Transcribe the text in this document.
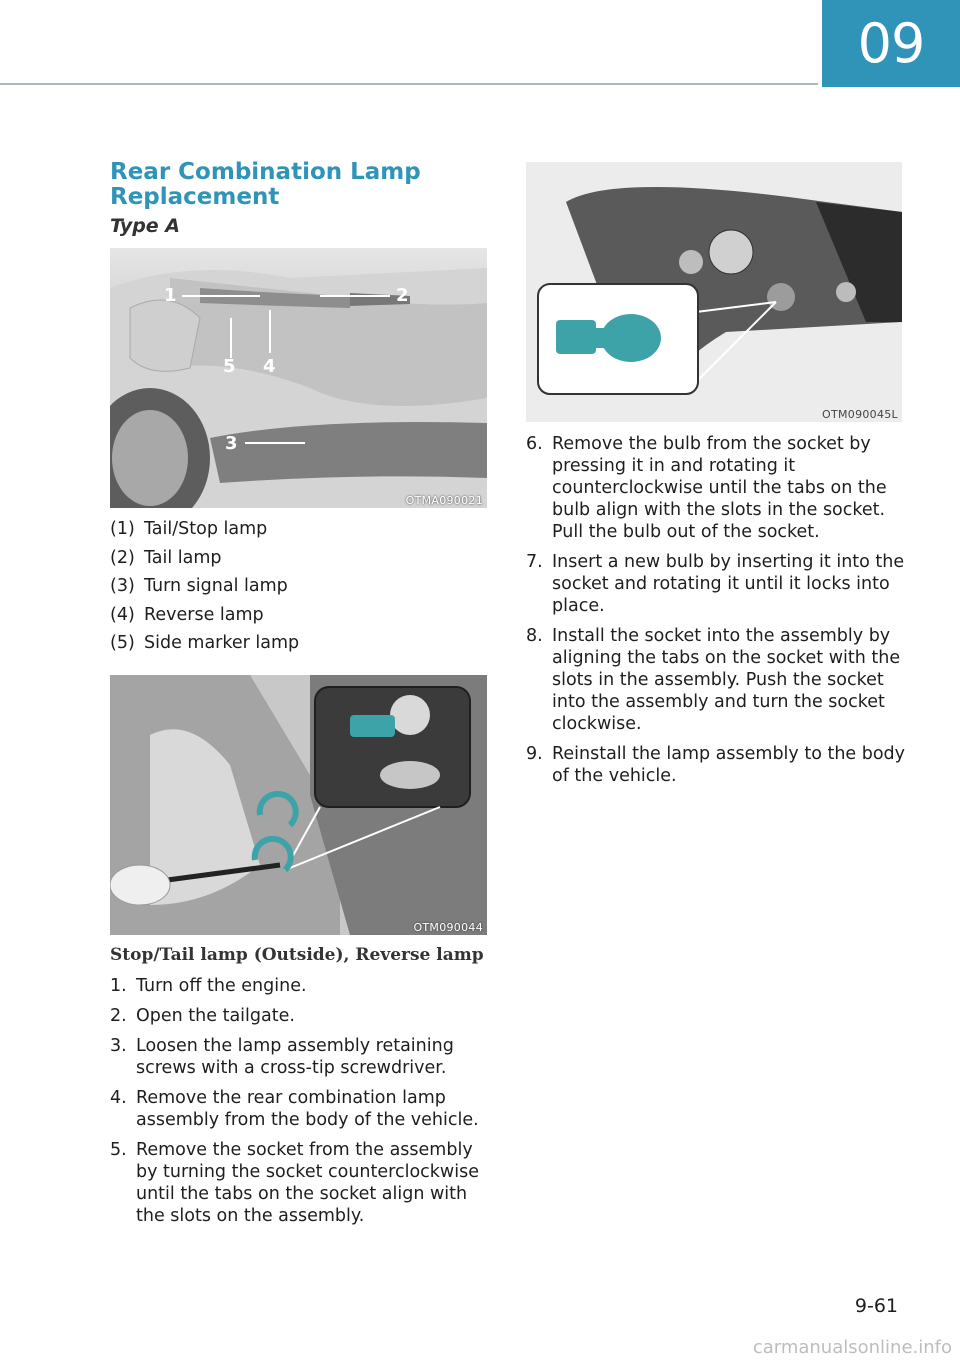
09
Rear Combination Lamp Replacement
Type A
1	2
3
4
5
OTMA090021
(1) Tail/Stop lamp
(2) Tail lamp
(3) Turn signal lamp
(4) Reverse lamp
(5) Side marker lamp
OTM090044
Stop/Tail lamp (Outside), Reverse lamp
1. Turn off the engine.
2. Open the tailgate.
3. Loosen the lamp assembly retaining screws with a cross-tip screwdriver.
4. Remove the rear combination lamp assembly from the body of the vehicle.
5. Remove the socket from the assembly by turning the socket counterclockwise until the tabs on the socket align with the slots on the assembly.
OTM090045L
6. Remove the bulb from the socket by pressing it in and rotating it counterclockwise until the tabs on the bulb align with the slots in the socket. Pull the bulb out of the socket.
7. Insert a new bulb by inserting it into the socket and rotating it until it locks into place.
8. Install the socket into the assembly by aligning the tabs on the socket with the slots in the assembly. Push the socket into the assembly and turn the socket clockwise.
9. Reinstall the lamp assembly to the body of the vehicle.
9-61
carmanualsonline.info
